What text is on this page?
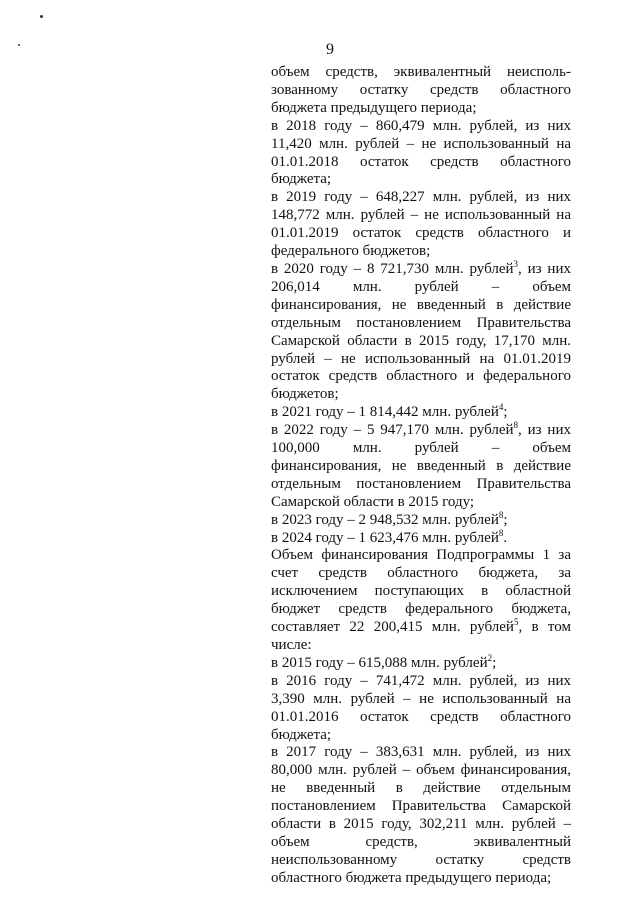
9
объем средств, эквивалентный неисполь-
зованному остатку средств областного
бюджета предыдущего периода;
в 2018 году – 860,479 млн. рублей, из них
11,420 млн. рублей – не использованный на
01.01.2018 остаток средств областного
бюджета;
в 2019 году – 648,227 млн. рублей, из них
148,772 млн. рублей – не использованный на
01.01.2019 остаток средств областного и
федерального бюджетов;
в 2020 году – 8 721,730 млн. рублей$^3$, из них
206,014 млн. рублей – объем
финансирования, не введенный в действие
отдельным постановлением Правительства
Самарской области в 2015 году, 17,170 млн.
рублей – не использованный на 01.01.2019
остаток средств областного и федерального
бюджетов;
в 2021 году – 1 814,442 млн. рублей$^4$;
в 2022 году – 5 947,170 млн. рублей$^8$, из них
100,000 млн. рублей – объем
финансирования, не введенный в действие
отдельным постановлением Правительства
Самарской области в 2015 году;
в 2023 году – 2 948,532 млн. рублей$^8$;
в 2024 году – 1 623,476 млн. рублей$^8$.
Объем финансирования Подпрограммы 1 за
счет средств областного бюджета, за
исключением поступающих в областной
бюджет средств федерального бюджета,
составляет 22 200,415 млн. рублей$^5$, в том
числе:
в 2015 году – 615,088 млн. рублей$^2$;
в 2016 году – 741,472 млн. рублей, из них
3,390 млн. рублей – не использованный на
01.01.2016 остаток средств областного
бюджета;
в 2017 году – 383,631 млн. рублей, из них
80,000 млн. рублей – объем финансирования,
не введенный в действие отдельным
постановлением Правительства Самарской
области в 2015 году, 302,211 млн. рублей –
объем средств, эквивалентный
неиспользованному остатку средств
областного бюджета предыдущего периода;
